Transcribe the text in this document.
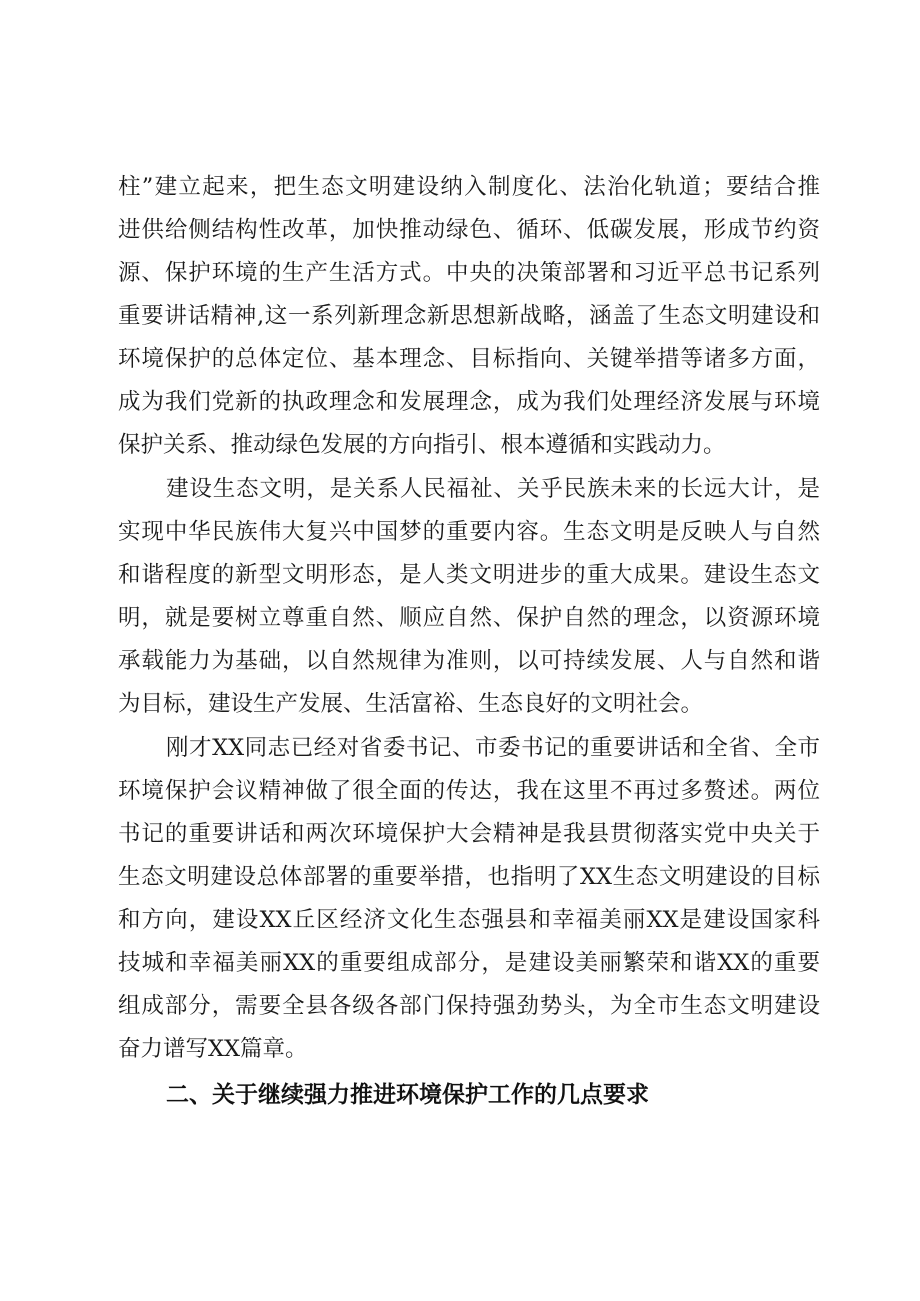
柱”建立起来，把生态文明建设纳入制度化、法治化轨道；要结合推
进供给侧结构性改革，加快推动绿色、循环、低碳发展，形成节约资
源、保护环境的生产生活方式。中央的决策部署和习近平总书记系列
重要讲话精神,这一系列新理念新思想新战略，涵盖了生态文明建设和
环境保护的总体定位、基本理念、目标指向、关键举措等诸多方面，
成为我们党新的执政理念和发展理念，成为我们处理经济发展与环境
保护关系、推动绿色发展的方向指引、根本遵循和实践动力。
建设生态文明，是关系人民福祉、关乎民族未来的长远大计，是
实现中华民族伟大复兴中国梦的重要内容。生态文明是反映人与自然
和谐程度的新型文明形态，是人类文明进步的重大成果。建设生态文
明，就是要树立尊重自然、顺应自然、保护自然的理念，以资源环境
承载能力为基础，以自然规律为准则，以可持续发展、人与自然和谐
为目标，建设生产发展、生活富裕、生态良好的文明社会。
刚才XX同志已经对省委书记、市委书记的重要讲话和全省、全市
环境保护会议精神做了很全面的传达，我在这里不再过多赘述。两位
书记的重要讲话和两次环境保护大会精神是我县贯彻落实党中央关于
生态文明建设总体部署的重要举措，也指明了XX生态文明建设的目标
和方向，建设XX丘区经济文化生态强县和幸福美丽XX是建设国家科
技城和幸福美丽XX的重要组成部分，是建设美丽繁荣和谐XX的重要
组成部分，需要全县各级各部门保持强劲势头，为全市生态文明建设
奋力谱写XX篇章。
二、关于继续强力推进环境保护工作的几点要求
